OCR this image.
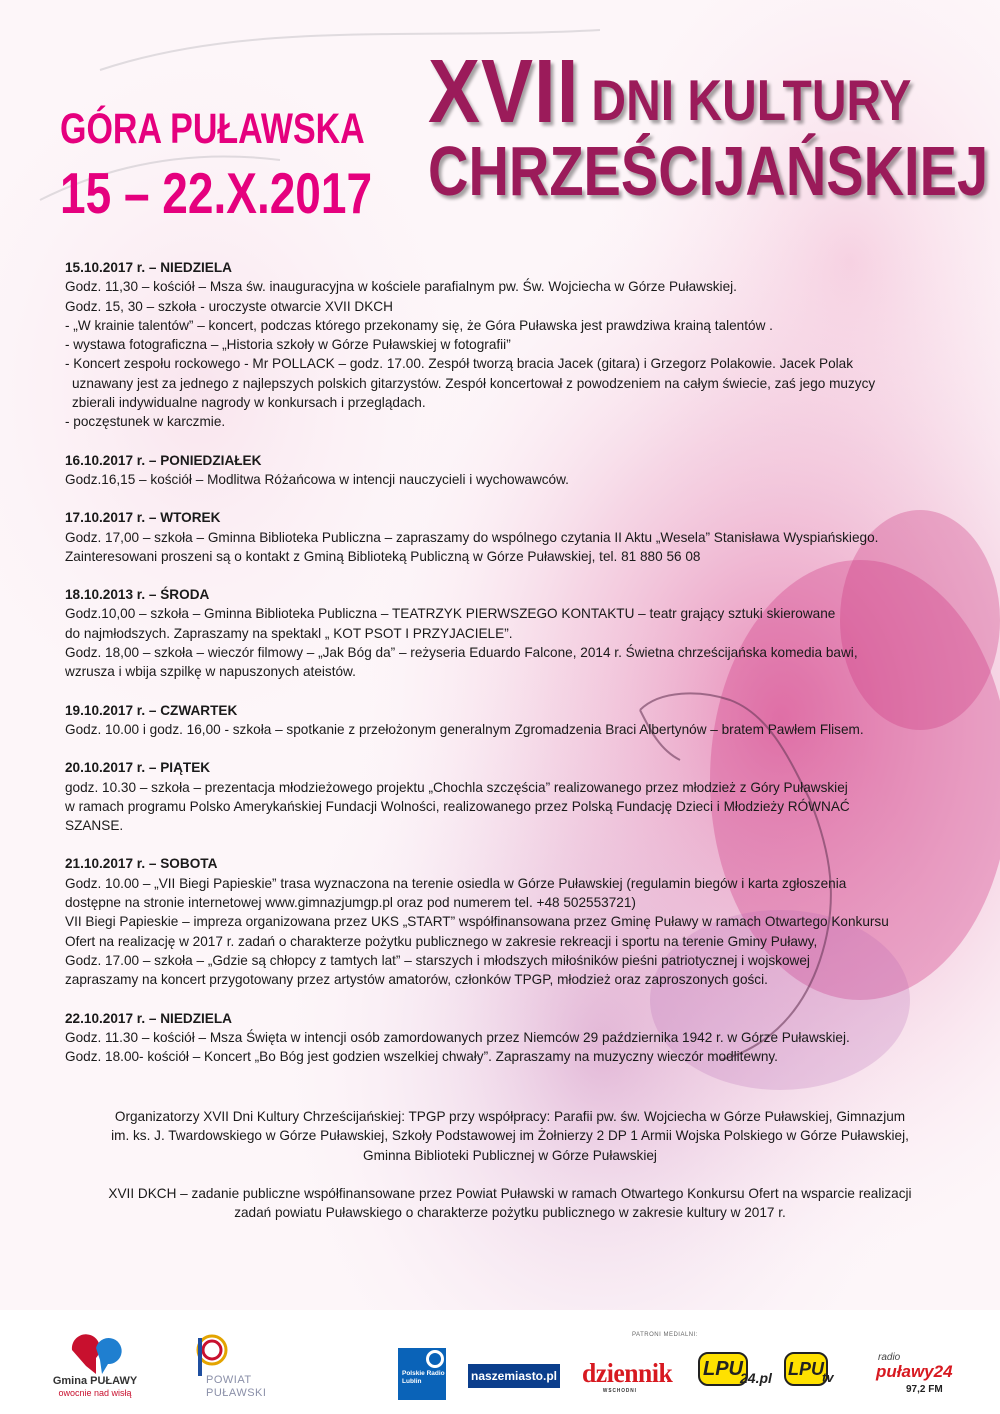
GÓRA PUŁAWSKA
15 – 22.X.2017
XVII DNI KULTURY
CHRZEŚCIJAŃSKIEJ
15.10.2017 r. – NIEDZIELA

Godz. 11,30 – kościół – Msza św. inauguracyjna w kościele parafialnym pw. Św. Wojciecha w Górze Puławskiej.

Godz. 15, 30 – szkoła - uroczyste otwarcie XVII DKCH

- „W krainie talentów” – koncert, podczas którego przekonamy się, że Góra Puławska jest prawdziwa krainą talentów .

- wystawa fotograficzna – „Historia szkoły w Górze Puławskiej w fotografii”

- Koncert zespołu rockowego - Mr POLLACK – godz. 17.00. Zespół tworzą bracia Jacek (gitara) i Grzegorz Polakowie. Jacek Polak

uznawany jest za jednego z najlepszych polskich gitarzystów. Zespół koncertował z powodzeniem na całym świecie, zaś jego muzycy

zbierali indywidualne nagrody w konkursach i przeglądach.

- poczęstunek w karczmie.

16.10.2017 r. – PONIEDZIAŁEK

Godz.16,15 – kościół – Modlitwa Różańcowa w intencji nauczycieli i wychowawców.

17.10.2017 r. – WTOREK

Godz. 17,00 – szkoła – Gminna Biblioteka Publiczna – zapraszamy do wspólnego czytania II Aktu „Wesela” Stanisława Wyspiańskiego.

Zainteresowani proszeni są o kontakt z Gminą Biblioteką Publiczną w Górze Puławskiej, tel. 81 880 56 08

18.10.2013 r. – ŚRODA

Godz.10,00 – szkoła – Gminna Biblioteka Publiczna – TEATRZYK PIERWSZEGO KONTAKTU – teatr grający sztuki skierowane

do najmłodszych. Zapraszamy na spektakl „ KOT PSOT I PRZYJACIELE”.

Godz. 18,00 – szkoła – wieczór filmowy – „Jak Bóg da” – reżyseria Eduardo Falcone, 2014 r. Świetna chrześcijańska komedia bawi,

wzrusza i wbija szpilkę w napuszonych ateistów.

19.10.2017 r. – CZWARTEK

Godz. 10.00 i godz. 16,00 - szkoła – spotkanie z przełożonym generalnym Zgromadzenia Braci Albertynów – bratem Pawłem Flisem.

20.10.2017 r. – PIĄTEK

godz. 10.30 – szkoła – prezentacja młodzieżowego projektu „Chochla szczęścia” realizowanego przez młodzież z Góry Puławskiej

w ramach programu Polsko Amerykańskiej Fundacji Wolności, realizowanego przez Polską Fundację Dzieci i Młodzieży RÓWNAĆ

SZANSE.

21.10.2017 r. – SOBOTA

Godz. 10.00 – „VII Biegi Papieskie” trasa wyznaczona na terenie osiedla w Górze Puławskiej (regulamin biegów i karta zgłoszenia

dostępne na stronie internetowej www.gimnazjumgp.pl oraz pod numerem tel. +48 502553721)

VII Biegi Papieskie – impreza organizowana przez UKS „START” współfinansowana przez Gminę Puławy w ramach Otwartego Konkursu

Ofert na realizację w 2017 r. zadań o charakterze pożytku publicznego w zakresie rekreacji i sportu na terenie Gminy Puławy,

Godz. 17.00 – szkoła – „Gdzie są chłopcy z tamtych lat” – starszych i młodszych miłośników pieśni patriotycznej i wojskowej

zapraszamy na koncert przygotowany przez artystów amatorów, członków TPGP, młodzież oraz zaproszonych gości.

22.10.2017 r. – NIEDZIELA

Godz. 11.30 – kościół – Msza Święta w intencji osób zamordowanych przez Niemców 29 października 1942 r. w Górze Puławskiej.

Godz. 18.00- kościół – Koncert „Bo Bóg jest godzien wszelkiej chwały”. Zapraszamy na muzyczny wieczór modlitewny.

Organizatorzy XVII Dni Kultury Chrześcijańskiej: TPGP przy współpracy: Parafii pw. św. Wojciecha w Górze Puławskiej, Gimnazjum
im. ks. J. Twardowskiego w Górze Puławskiej, Szkoły Podstawowej im Żołnierzy 2 DP 1 Armii Wojska Polskiego w Górze Puławskiej,
Gminna Biblioteki Publicznej w Górze Puławskiej

XVII DKCH – zadanie publiczne współfinansowane przez Powiat Puławski w ramach Otwartego Konkursu Ofert na wsparcie realizacji
zadań powiatu Puławskiego o charakterze pożytku publicznego w zakresie kultury w 2017 r.

PATRONI MEDIALNI:
Gmina PUŁAWY
owocnie nad wisłą
POWIAT
PUŁAWSKI
Polskie Radio Lublin	naszemiasto.pl dziennik
WSCHODNI
LPU
24.pl LPU
tv
radio
puławy24
97,2 FM
